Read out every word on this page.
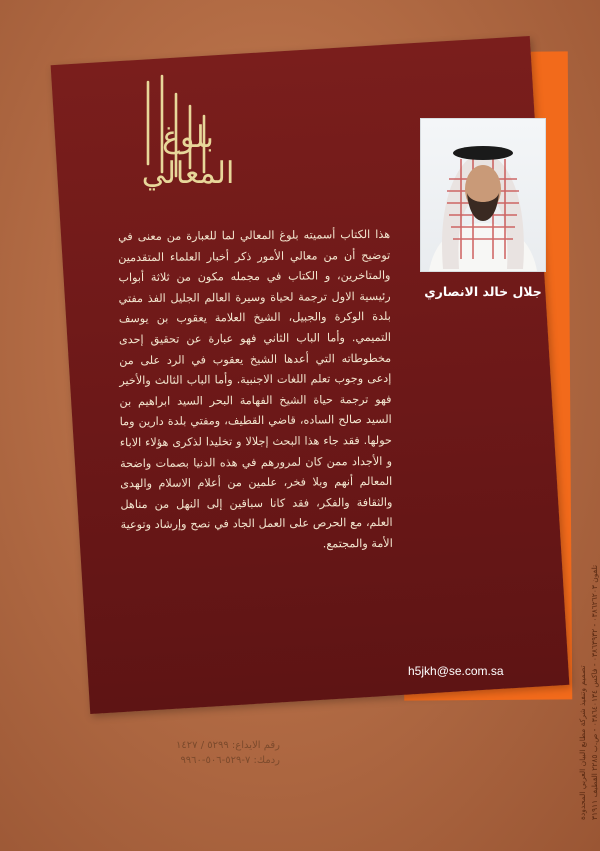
بلوغ المعالي
هذا الكتاب أسميته بلوغ المعالي لما للعبارة من معنى في توضيح أن من معالي الأمور ذكر أخبار العلماء المتقدمين والمتاخرين، و الكتاب في مجمله مكون من ثلاثة أبواب رئيسية الاول ترجمة لحياة وسيرة العالم الجليل الفذ مفتي بلدة الوكرة والجبيل، الشيخ العلامة يعقوب بن يوسف التميمي. وأما الباب الثاني فهو عبارة عن تحقيق إحدى مخطوطاته التي أعدها الشيخ يعقوب في الرد على من إدعى وجوب تعلم اللغات الاجنبية. وأما الباب الثالث والأخير فهو ترجمة حياة الشيخ الفهامة البحر السيد ابراهيم بن السيد صالح الساده، قاضي القطيف، ومفتي بلدة دارين وما حولها. فقد جاء هذا البحث إجلالا و تخليدا لذكرى هؤلاء الاباء و الأجداد ممن كان لمرورهم في هذه الدنيا بصمات واضحة المعالم أنهم وبلا فخر، علمين من أعلام الاسلام والهدى والثقافة والفكر، فقد كانا سباقين إلى النهل من مناهل العلم، مع الحرص على العمل الجاد في نصح وإرشاد وتوعية الأمة والمجتمع.
جلال خالد الانصاري
h5jkh@se.com.sa	تصميم وتنفيذ شركة مطابع البيان العربي المحدودة تلفون ٠٣٨٦٢٦٢٠٣ - ٠٣٨٦٣٩٣٢ - فاكس ٠٣٨٦٤٠١٣٤ - ص.ب ٢٢٨٥ القطيف ٣١٩١١
رقم الايداع: ٥٢٩٩ / ١٤٢٧
ردمك: ٧-٥٢٩-٥٠٦-٩٩٦٠
